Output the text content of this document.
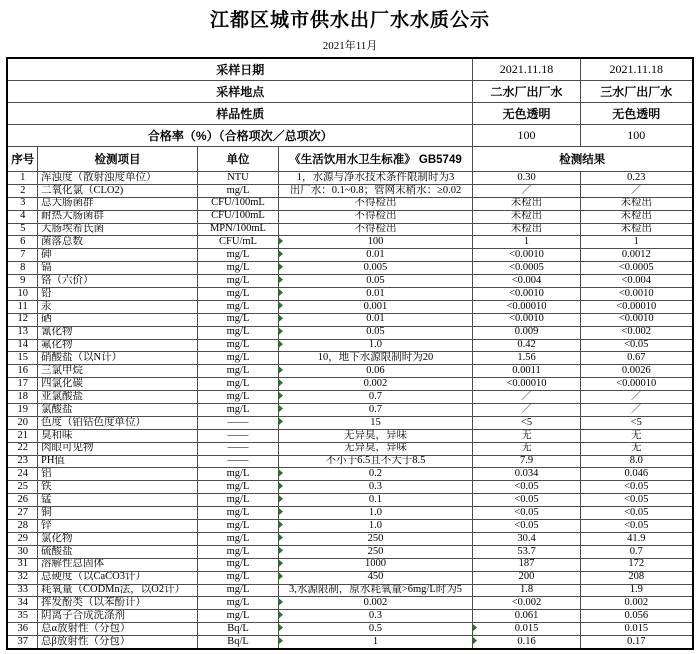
江都区城市供水出厂水水质公示
2021年11月
采样日期				2021.11.18	2021.11.18
采样地点				二水厂出厂水	三水厂出厂水
样品性质				无色透明	无色透明
合格率（%）（合格项次／总项次）				100	100
序号	检测项目	单位	《生活饮用水卫生标准》 GB5749	检测结果	
1	浑浊度（散射浊度单位）	NTU	1，水源与净水技术条件限制时为3	0.30	0.23
2	二氧化氯（CLO2)	mg/L	出厂水：0.1~0.8；管网末稍水：≥0.02	／	／
3	总大肠菌群	CFU/100mL	不得检出	未检出	未检出
4	耐热大肠菌群	CFU/100mL	不得检出	未检出	未检出
5	大肠埃希氏菌	MPN/100mL	不得检出	未检出	未检出
6	菌落总数	CFU/mL	100	1	1
7	砷	mg/L	0.01	<0.0010	0.0012
8	镉	mg/L	0.005	<0.0005	<0.0005
9	铬（六价）	mg/L	0.05	<0.004	<0.004
10	铅	mg/L	0.01	<0.0010	<0.0010
11	汞	mg/L	0.001	<0.00010	<0.00010
12	硒	mg/L	0.01	<0.0010	<0.0010
13	氰化物	mg/L	0.05	0.009	<0.002
14	氟化物	mg/L	1.0	0.42	<0.05
15	硝酸盐（以N计）	mg/L	10，地下水源限制时为20	1.56	0.67
16	三氯甲烷	mg/L	0.06	0.0011	0.0026
17	四氯化碳	mg/L	0.002	<0.00010	<0.00010
18	亚氯酸盐	mg/L	0.7	／	／
19	氯酸盐	mg/L	0.7	／	／
20	色度（铂钴色度单位）	——	15	<5	<5
21	臭和味	——	无异臭，异味	无	无
22	肉眼可见物	——	无异臭，异味	无	无
23	PH值	——	不小于6.5且不大于8.5	7.9	8.0
24	铝	mg/L	0.2	0.034	0.046
25	铁	mg/L	0.3	<0.05	<0.05
26	锰	mg/L	0.1	<0.05	<0.05
27	铜	mg/L	1.0	<0.05	<0.05
28	锌	mg/L	1.0	<0.05	<0.05
29	氯化物	mg/L	250	30.4	41.9
30	硫酸盐	mg/L	250	53.7	0.7
31	溶解性总固体	mg/L	1000	187	172
32	总硬度（以CaCO3计）	mg/L	450	200	208
33	耗氧量（CODMn法，以O2计）	mg/L	3,水源限制，原水耗氧量>6mg/L时为5	1.8	1.9
34	挥发酚类（以苯酚计）	mg/L	0.002	<0.002	0.002
35	阴离子合成洗涤剂	mg/L	0.3	0.061	0.056
36	总α放射性（分包）	Bq/L	0.5	0.015	0.015
37	总β放射性（分包）	Bq/L	1	0.16	0.17
